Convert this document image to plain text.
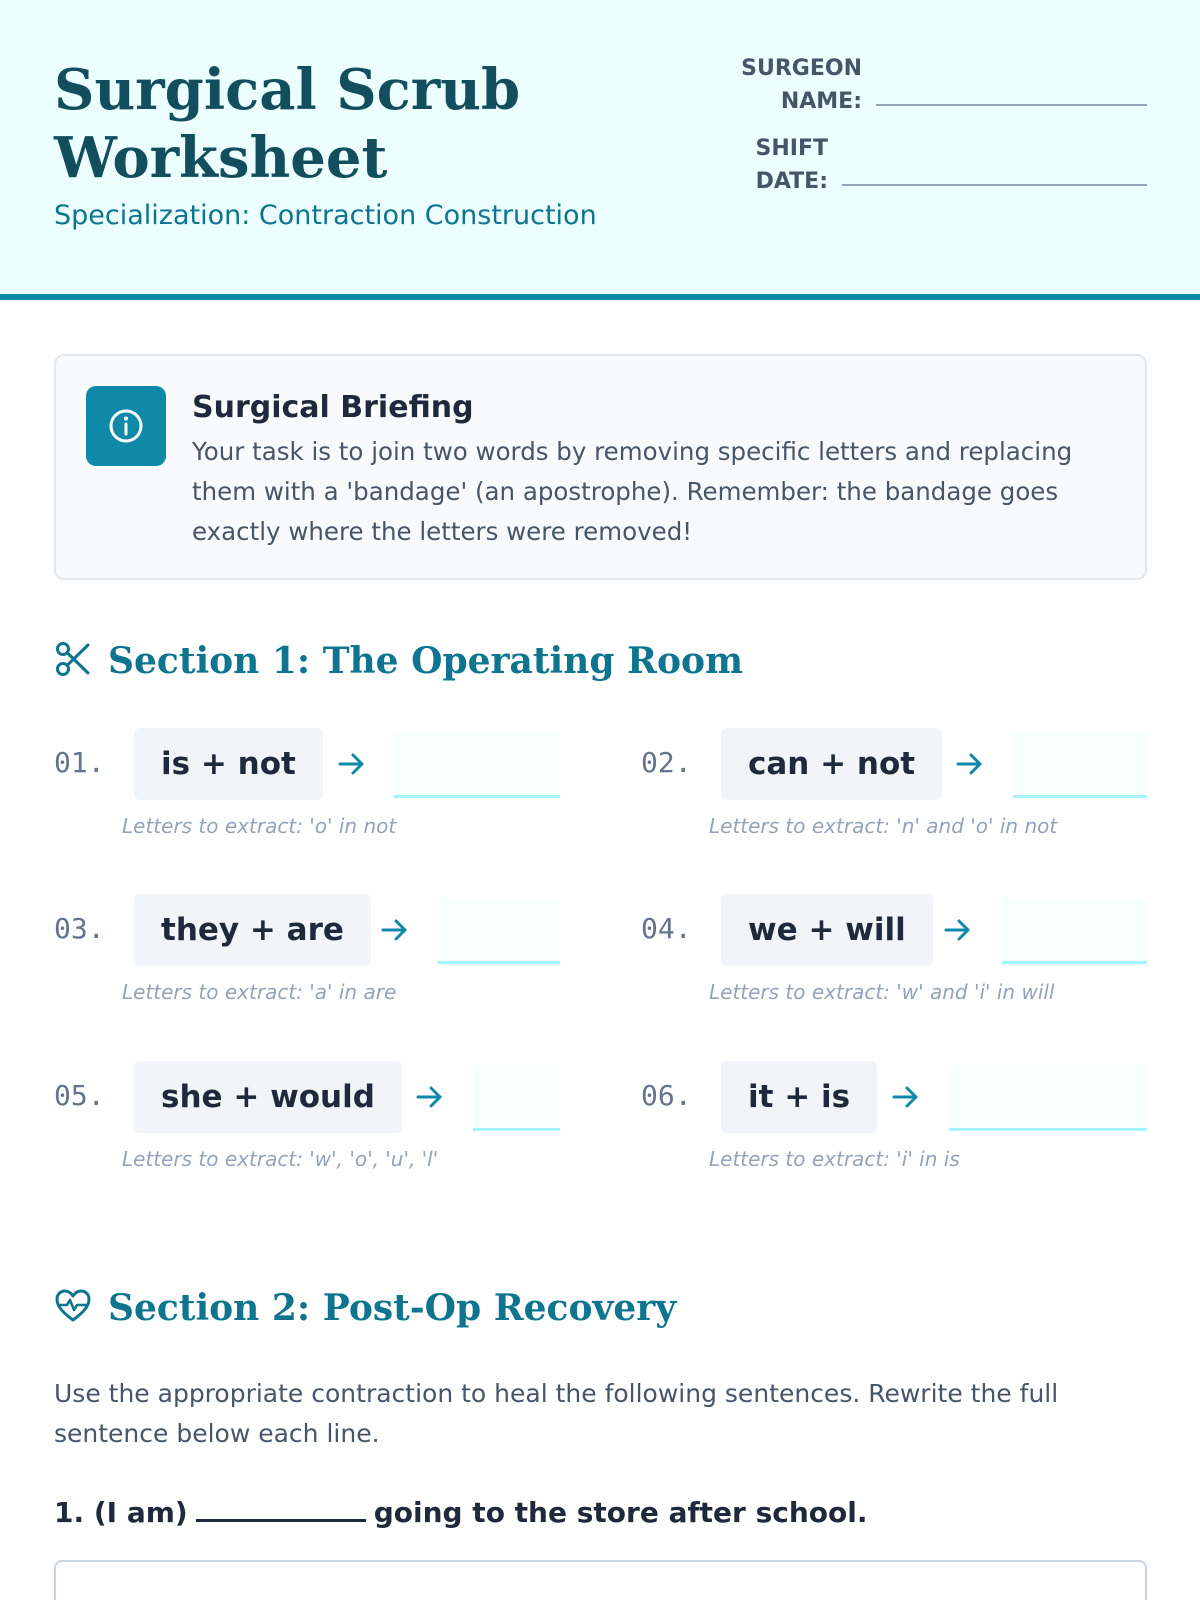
Surgical Scrub Worksheet
Specialization: Contraction Construction
SURGEON
NAME:
SHIFT
DATE:
Surgical Briefing
Your task is to join two words by removing specific letters and replacing them with a 'bandage' (an apostrophe). Remember: the bandage goes exactly where the letters were removed!
Section 1: The Operating Room
01.	is + not
Letters to extract: 'o' in not
02.	can + not
Letters to extract: 'n' and 'o' in not
03.	they + are
Letters to extract: 'a' in are
04.	we + will
Letters to extract: 'w' and 'i' in will
05.	she + would
Letters to extract: 'w', 'o', 'u', 'l'
06.	it + is
Letters to extract: 'i' in is
Section 2: Post-Op Recovery
Use the appropriate contraction to heal the following sentences. Rewrite the full sentence below each line.
1. (I am)	going to the store after school.
